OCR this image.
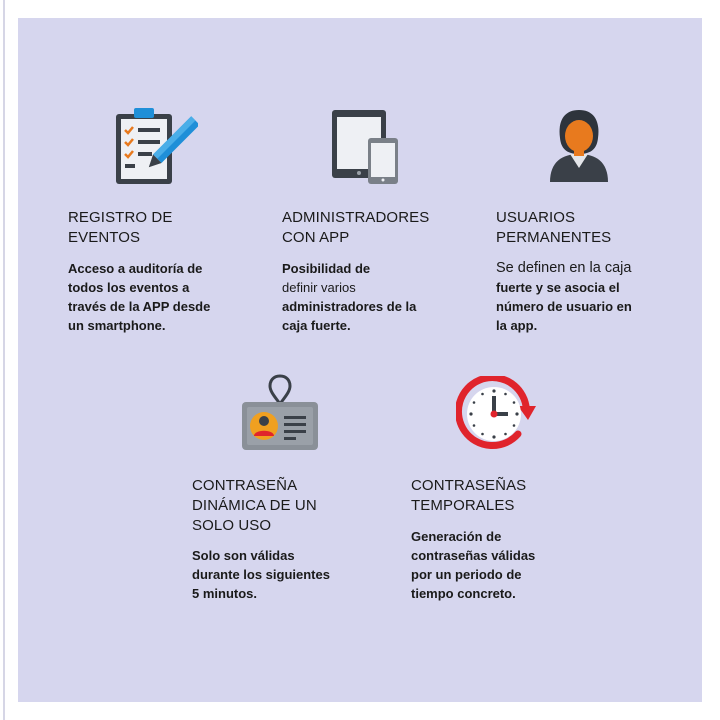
REGISTRO DE
EVENTOS
Acceso a auditoría de
todos los eventos a
través de la APP desde
un smartphone.
ADMINISTRADORES
CON APP
Posibilidad de
definir varios
administradores de la
caja fuerte.
USUARIOS
PERMANENTES
Se definen en la caja
fuerte y se asocia el
número de usuario en
la app.
CONTRASEÑA
DINÁMICA DE UN
SOLO USO
Solo son válidas
durante los siguientes
5 minutos.
CONTRASEÑAS
TEMPORALES
Generación de
contraseñas válidas
por un periodo de
tiempo concreto.
